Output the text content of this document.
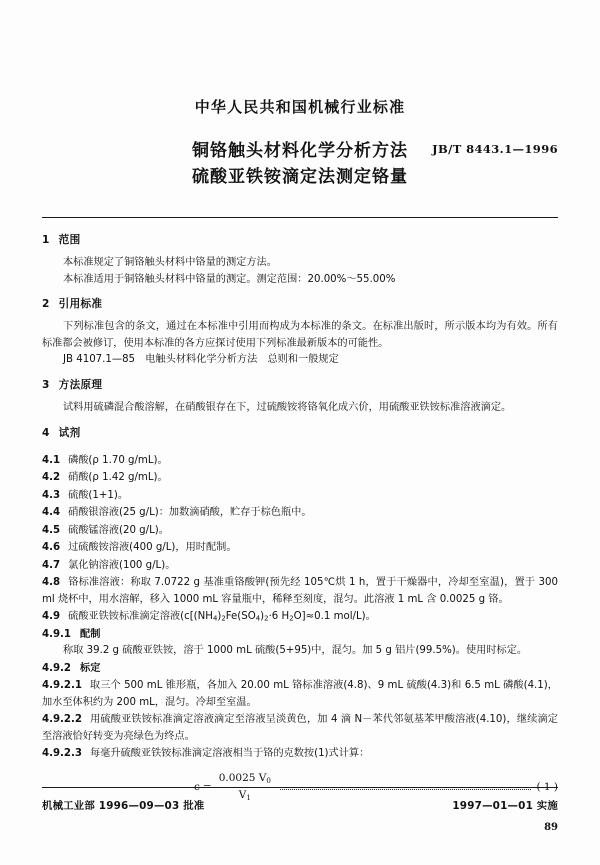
中华人民共和国机械行业标准
铜铬触头材料化学分析方法
硫酸亚铁铵滴定法测定铬量
JB/T 8443.1—1996
1 范围

本标准规定了铜铬触头材料中铬量的测定方法。

本标准适用于铜铬触头材料中铬量的测定。测定范围：20.00%～55.00%

2 引用标准

下列标准包含的条文，通过在本标准中引用而构成为本标准的条文。在标准出版时，所示版本均为有效。所有标准都会被修订，使用本标准的各方应探讨使用下列标准最新版本的可能性。

JB 4107.1—85　电触头材料化学分析方法　总则和一般规定

3 方法原理

试料用硫磷混合酸溶解，在硝酸银存在下，过硫酸铵将铬氧化成六价，用硫酸亚铁铵标准溶液滴定。

4 试剂

4.1 磷酸(ρ 1.70 g/mL)。

4.2 硝酸(ρ 1.42 g/mL)。

4.3 硫酸(1+1)。

4.4 硝酸银溶液(25 g/L)：加数滴硝酸，贮存于棕色瓶中。

4.5 硫酸锰溶液(20 g/L)。

4.6 过硫酸铵溶液(400 g/L)，用时配制。

4.7 氯化钠溶液(100 g/L)。

4.8 铬标准溶液：称取 7.0722 g 基准重铬酸钾(预先经 105℃烘 1 h，置于干燥器中，冷却至室温)，置于 300 ml 烧杯中，用水溶解，移入 1000 mL 容量瓶中，稀释至刻度，混匀。此溶液 1 mL 含 0.0025 g 铬。

4.9 硫酸亚铁铵标准滴定溶液($c[(NH_4)_2Fe(SO_4)_2\cdot 6$ $H_2O]\approx 0.1$ mol/L)。

4.9.1 配制

称取 39.2 g 硫酸亚铁铵，溶于 1000 mL 硫酸(5+95)中，混匀。加 5 g 铝片(99.5%)。使用时标定。

4.9.2 标定

4.9.2.1 取三个 500 mL 锥形瓶，各加入 20.00 mL 铬标准溶液(4.8)、9 mL 硫酸(4.3)和 6.5 mL 磷酸(4.1)，加水至体积约为 200 mL，混匀。冷却至室温。

4.9.2.2 用硫酸亚铁铵标准滴定溶液滴定至溶液呈淡黄色，加 4 滴 N－苯代邻氨基苯甲酸溶液(4.10)，继续滴定至溶液恰好转变为亮绿色为终点。

4.9.2.3 每毫升硫酸亚铁铵标准滴定溶液相当于铬的克数按(1)式计算：

$c = \frac{0.0025 V_0}{V_1}$	( 1 )
机械工业部 1996—09—03 批准	1997—01—01 实施
89
